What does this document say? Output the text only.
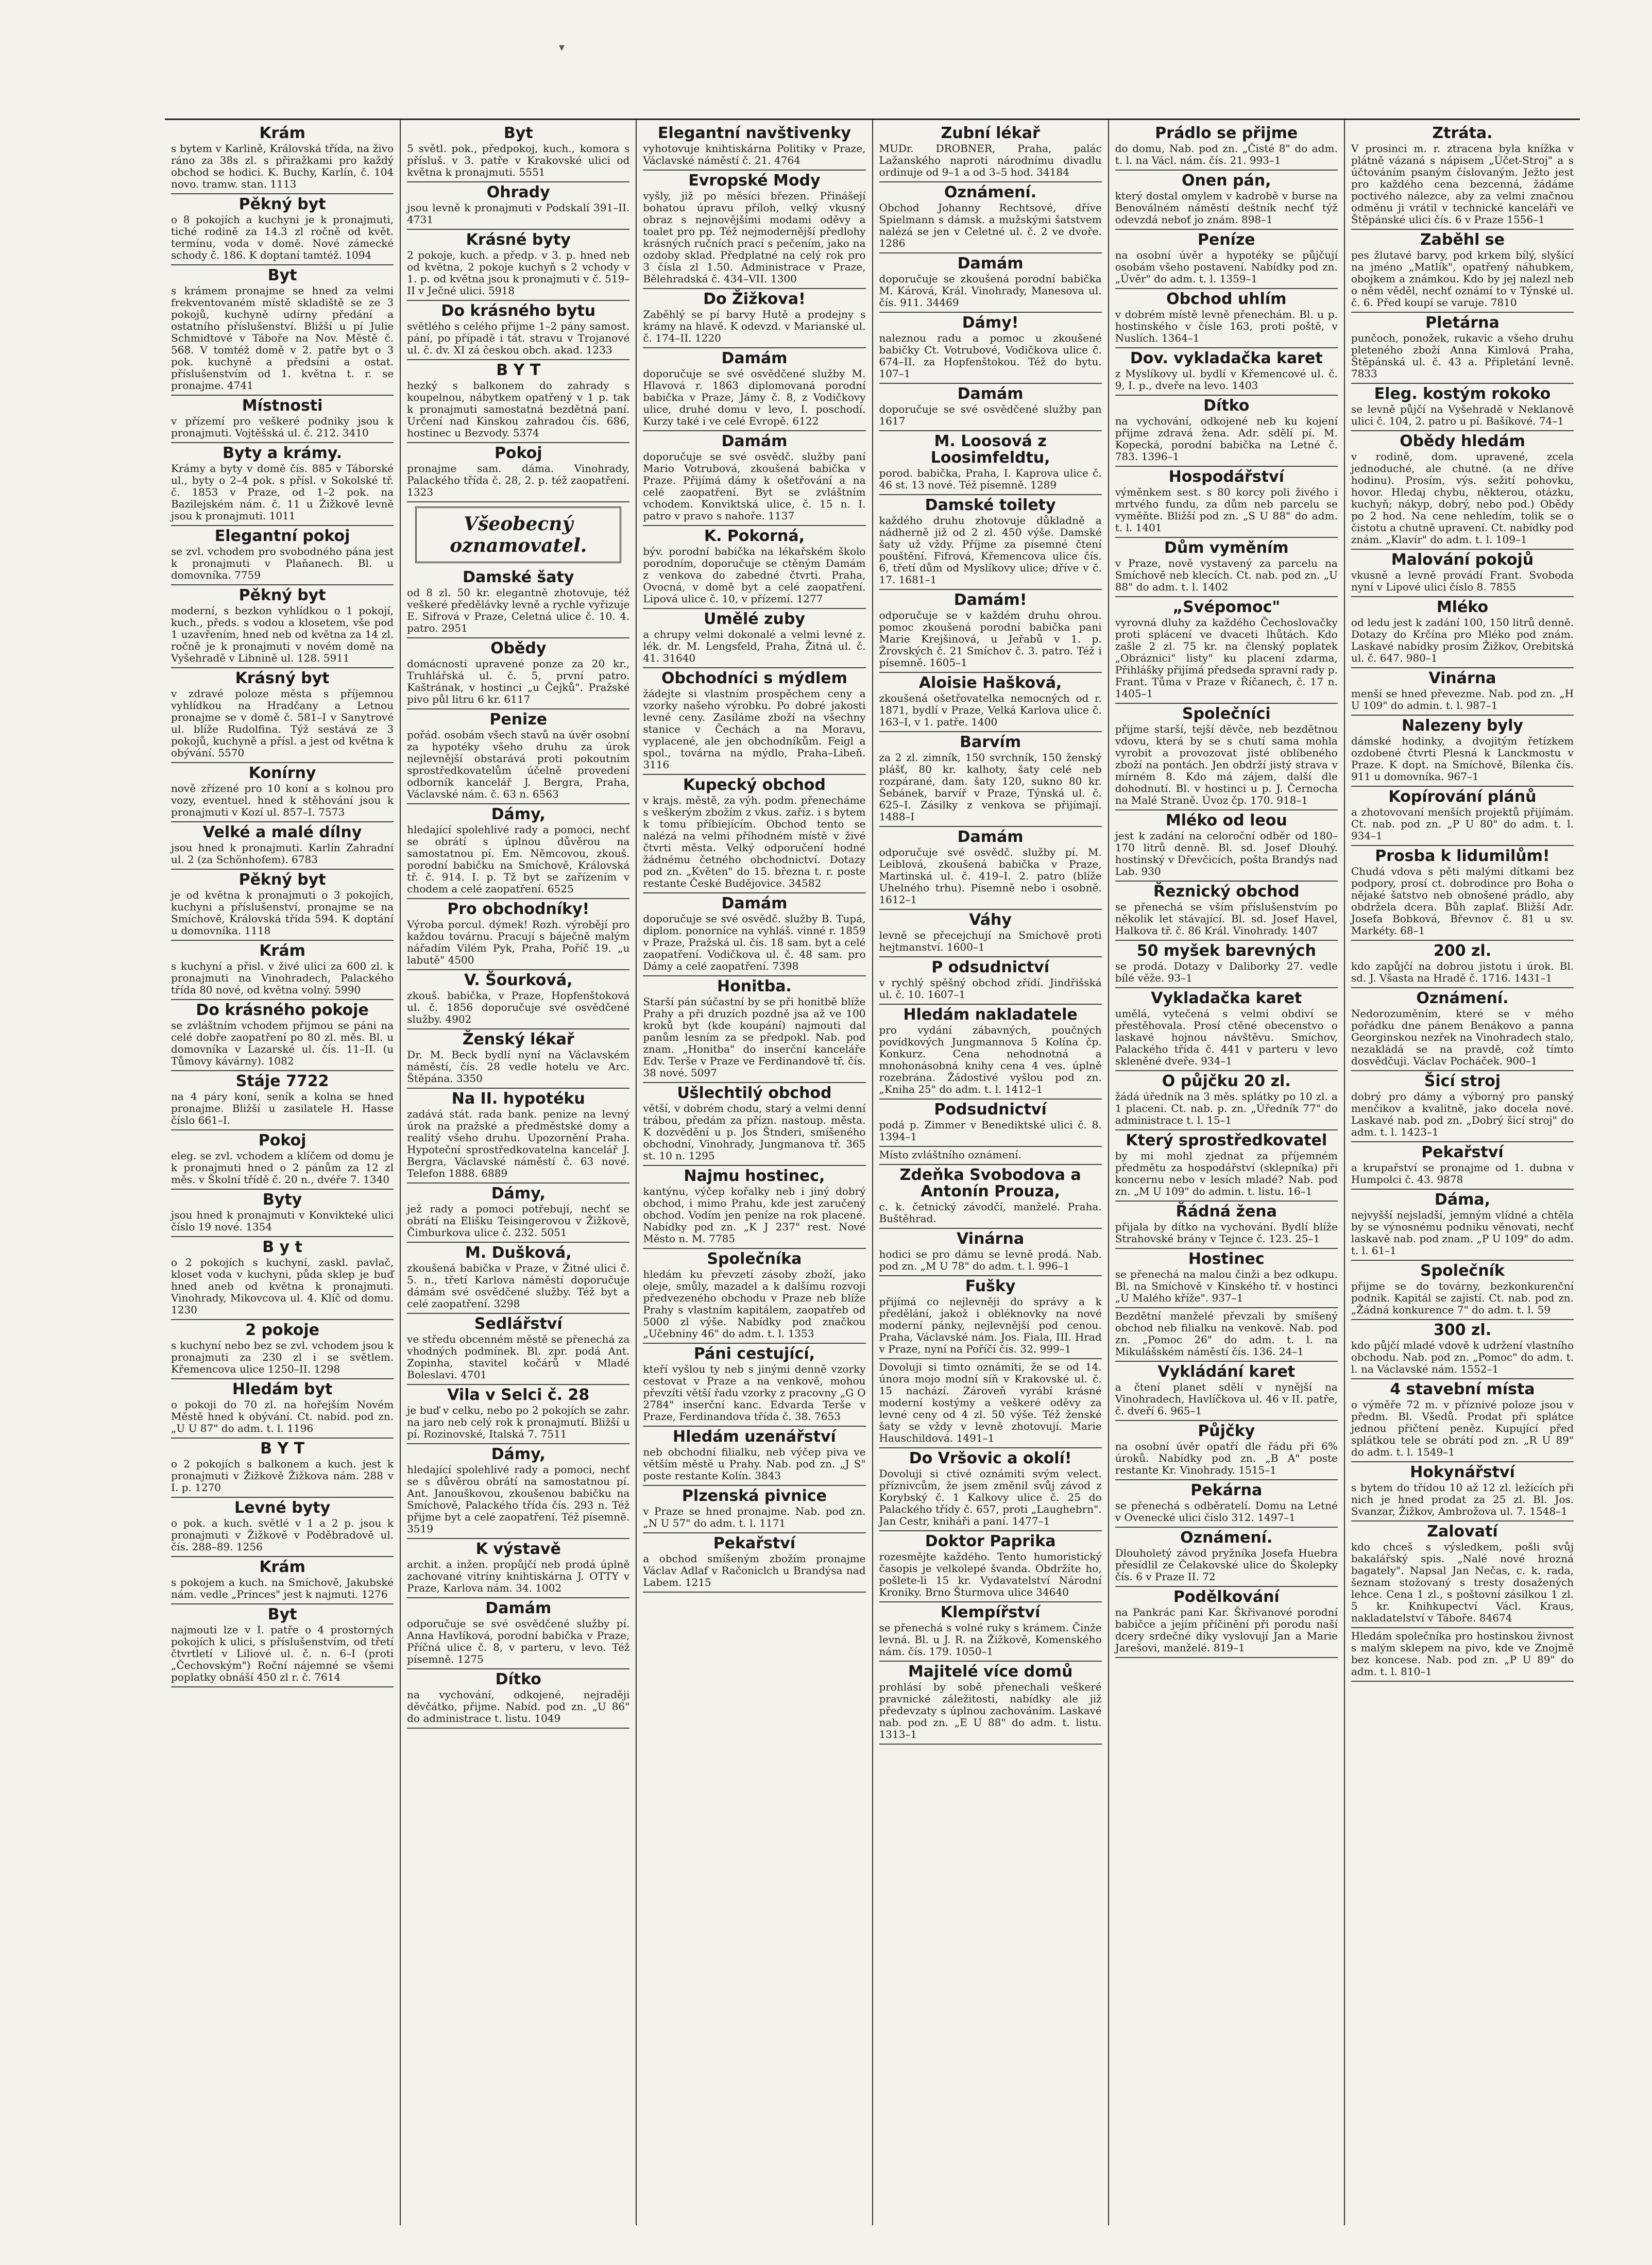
▾
Krám

s bytem v Karlině, Královská třída, na živo ráno za 38s zl. s přiražkami pro každý obchod se hodici. K. Buchy, Karlín, č. 104 novo. tramw. stan. 1113

Pěkný byt

o 8 pokojích a kuchyni je k pronajmuti, tiché rodině za 14.3 zl ročně od květ. termínu, voda v domě. Nové zámecké schody č. 186. K doptaní tamtéž. 1094

Byt

s krámem pronajme se hned za velmi frekventovaném místě skladiště se ze 3 pokojů, kuchyně udírny předání a ostatního příslušenství. Bližší u pí Julie Schmidtové v Táboře na Nov. Městě č. 568. V tomtéž domě v 2. patře byt o 3 pok. kuchyně a předsíni a ostat. příslušenstvím od 1. května t. r. se pronajme. 4741

Místnosti

v přízemí pro veškeré podniky jsou k pronajmuti. Vojtěšská ul. č. 212. 3410

Byty a krámy.

Krámy a byty v domě čís. 885 v Táborské ul., byty o 2–4 pok. s přísl. v Sokolské tř. č. 1853 v Praze, od 1–2 pok. na Bazilejském nám. č. 11 u Žižkově levně jsou k pronajmuti. 1011

Elegantní pokoj

se zvl. vchodem pro svobodného pána jest k pronajmuti v Plaňanech. Bl. u domovníka. 7759

Pěkný byt

moderní, s bezkon vyhlídkou o 1 pokojí, kuch., předs. s vodou a klosetem, vše pod 1 uzavřením, hned neb od května za 14 zl. ročně je k pronajmuti v novém domě na Vyšehradě v Libnině ul. 128. 5911

Krásný byt

v zdravé poloze města s příjemnou vyhlídkou na Hradčany a Letnou pronajme se v domě č. 581–I v Sanytrové ul. blíže Rudolfina. Týž sestává ze 3 pokojů, kuchyně a přísl. a jest od května k obývání. 5570

Konírny

nově zřízené pro 10 koní a s kolnou pro vozy, eventuel. hned k stěhování jsou k pronajmuti v Kozí ul. 857–I. 7573

Velké a malé dílny

jsou hned k pronajmuti. Karlín Zahradní ul. 2 (za Schönhofem). 6783

Pěkný byt

je od května k pronajmuti o 3 pokojích, kuchyni a příslušenství, pronajme se na Smíchově, Královská třída 594. K doptání u domovníka. 1118

Krám

s kuchyní a přisl. v živé ulici za 600 zl. k pronajmuti na Vinohradech, Palackého třída 80 nové, od května volný. 5990

Do krásného pokoje

se zvláštním vchodem přijmou se páni na celé dobře zaopatření po 80 zl. měs. Bl. u domovníka v Lazarské ul. čís. 11–II. (u Tůmovy kávárny). 1082

Stáje 7722

na 4 páry koní, seník a kolna se hned pronajme. Bližší u zasilatele H. Hasse číslo 661–I.

Pokoj

eleg. se zvl. vchodem a klíčem od domu je k pronajmuti hned o 2 pánům za 12 zl měs. v Školní třídě č. 20 n., dvéře 7. 1340

Byty

jsou hned k pronajmuti v Konvikteké ulici číslo 19 nové. 1354

B y t

o 2 pokojích s kuchyní, zaskl. pavlač, kloset voda v kuchyni, půda sklep je buď hned aneb od května k pronajmuti. Vinohrady, Mikovcova ul. 4. Klíč od domu. 1230

2 pokoje

s kuchyní nebo bez se zvl. vchodem jsou k pronajmuti za 230 zl i se světlem. Křemencova ulice 1250–II. 1298

Hledám byt

o pokoji do 70 zl. na hořejším Novém Městě hned k obývání. Ct. nabíd. pod zn. „U U 87" do adm. t. l. 1196

B Y T

o 2 pokojích s balkonem a kuch. jest k pronajmuti v Žižkově Žižkova nám. 288 v I. p. 1270

Levné byty

o pok. a kuch. světlé v 1 a 2 p. jsou k pronajmuti v Žižkově v Poděbradově ul. čís. 288–89. 1256

Krám

s pokojem a kuch. na Smíchově, Jakubské nám. vedle „Princes" jest k najmuti. 1276

Byt

najmouti lze v I. patře o 4 prostorných pokojích k ulici, s příslušenstvím, od třetí čtvrtletí v Liliové ul. č. n. 6–I (proti „Čechovským") Roční nájemné se všemi poplatky obnáší 450 zl r. č. 7614

Byt

5 světl. pok., předpokoj, kuch., komora s přísluš. v 3. patře v Krakovské ulici od května k pronajmuti. 5551

Ohrady

jsou levně k pronajmuti v Podskalí 391–II. 4731

Krásné byty

2 pokoje, kuch. a předp. v 3. p. hned neb od května, 2 pokoje kuchyň s 2 vchody v 1. p. od května jsou k pronajmuti v č. 519–II v Ječné ulici. 5918

Do krásného bytu

světlého s celého přijme 1–2 pány samost. pání, po případě i tát. stravu v Trojanové ul. č. dv. XI zá českou obch. akad. 1233

B Y T

hezký s balkonem do zahrady s koupelnou, nábytkem opatřený v 1 p. tak k pronajmuti samostatná bezdětná paní. Určení nad Kinskou zahradou čís. 686, hostinec u Bezvody. 5374

Pokoj

pronajme sam. dáma. Vinohrady, Palackého třída č. 28, 2. p. též zaopatření. 1323

Všeobecný oznamovatel.
Damské šaty

od 8 zl. 50 kr. elegantně zhotovuje, též veškeré předělávky levně a rychle vyřizuje E. Sifrová v Praze, Celetná ulice č. 10. 4. patro. 2951

Obědy

domácnosti upravené ponze za 20 kr., Truhlářská ul. č. 5, první patro. Kaštrának, v hostinci „u Čejků". Pražské pivo půl litru 6 kr. 6117

Penize

pořád. osobám všech stavů na úvěr osobní za hypotéky všeho druhu za úrok nejlevnější obstarává proti pokoutním sprostředkovatelům účelně provedení odborník kancelář J. Bergra, Praha, Václavské nám. č. 63 n. 6563

Dámy,

hledající spolehlivé rady a pomoci, nechť se obrátí s úplnou důvěrou na samostatnou pí. Em. Němcovou, zkouš. porodní babičku na Smíchově, Královská tř. č. 914. I. p. Tž byt se zařízením v chodem a celé zaopatření. 6525

Pro obchodníky!

Výroba porcul. dýmek! Rozh. výrobějí pro každou továrnu. Pracují s báječně malým nářadím Vilém Pyk, Praha, Poříč 19. „u labutě" 4500

V. Šourková,

zkouš. babička, v Praze, Hopfenštoková ul. č. 1856 doporučuje své osvědčené služby. 4902

Ženský lékař

Dr. M. Beck bydlí nyní na Václavském náměstí, čís. 28 vedle hotelu ve Arc. Štěpána. 3350

Na II. hypotéku

zadává stát. rada bank. penize na levný úrok na pražské a předměstské domy a realitý všeho druhu. Upozornění Praha. Hypoteční sprostředkovatelna kancelář J. Bergra, Václavské náměstí č. 63 nové. Telefon 1888. 6889

Dámy,

jež rady a pomoci potřebují, nechť se obrátí na Elišku Teisingerovou v Žižkově, Čimburkova ulice č. 232. 5051

M. Dušková,

zkoušená babička v Praze, v Žitné ulici č. 5. n., třetí Karlova náměstí doporučuje dámám své osvědčené služby. Též byt a celé zaopatření. 3298

Sedlářství

ve středu obcenném městě se přenechá za vhodných podmínek. Bl. zpr. podá Ant. Zopinha, stavitel kočárů v Mladé Boleslavi. 4701

Vila v Selci č. 28

je buď v celku, nebo po 2 pokojích se zahr. na jaro neb celý rok k pronajmutí. Bližší u pí. Rozinovské, Italská 7. 7511

Dámy,

hledající spolehlivé rady a pomoci, nechť se s důvěrou obrátí na samostatnou pí. Ant. Janouškovou, zkoušenou babičku na Smíchově, Palackého třída čís. 293 n. Též přijme byt a celé zaopatření. Též písemně. 3519

K výstavě

archit. a inžen. propůjčí neb prodá úplně zachované vitríny knihtiskárna J. OTTY v Praze, Karlova nám. 34. 1002

Damám

odporučuje se své osvědčené služby pí. Anna Havlíková, porodní babička v Praze, Příčná ulice č. 8, v parteru, v levo. Též písemně. 1275

Dítko

na vychování, odkojené, nejraději děvčátko, přijme. Nabíd. pod zn. „U 86" do administrace t. listu. 1049

Elegantní navštivenky

vyhotovuje knihtiskárna Politiky v Praze, Václavské náměstí č. 21. 4764

Evropské Mody

vyšly, již po měsíci březen. Přinášejí bohatou úpravu příloh, velký vkusný obraz s nejnovějšími modami oděvy a toalet pro pp. Též nejmodernější předlohy krásných ručních prací s pečením, jako na ozdoby sklad. Předplatné na celý rok pro 3 čísla zl 1.50. Administrace v Praze, Bělehradská č. 434–VII. 1300

Do Žižkova!

Zaběhlý se pí barvy Hutě a prodejny s krámy na hlavě. K odevzd. v Marianské ul. č. 174–II. 1220

Damám

doporučuje se své osvědčené služby M. Hlavová r. 1863 diplomovaná porodní babička v Praze, Jámy č. 8, z Vodičkovy ulice, druhé domu v levo, I. poschodí. Kurzy také i ve celé Evropě. 6122

Damám

doporučuje se své osvědč. služby paní Mario Votrubová, zkoušená babička v Praze. Přijímá dámy k ošetřování a na celé zaopatření. Byt se zvláštním vchodem. Konviktská ulice, č. 15 n. I. patro v pravo s nahoře. 1137

K. Pokorná,

býv. porodní babička na lékařském školo porodním, doporučuje se ctěným Damám z venkova do zabedné čtvrti. Praha, Ovocná, v domě byt a celé zaopatření. Lipová ulice č. 10, v přízemí. 1277

Umělé zuby

a chrupy velmi dokonalé a velmi levné z. lék. dr. M. Lengsfeld, Praha, Žitná ul. č. 41. 31640

Obchodníci s mýdlem

žádejte si vlastním prospěchem ceny a vzorky našeho výrobku. Po dobré jakosti levné ceny. Zasíláme zboží na všechny stanice v Čechách a na Moravu, vyplacené, ale jen obchodníkům. Feigl a spol., továrna na mýdlo, Praha–Libeň. 3116

Kupecký obchod

v krajs. městě, za výh. podm. přenecháme s veškerým zbožím z vkus. zaříz. i s bytem k tomu příbiejícím. Obchod tento se nalézá na velmi příhodném místě v živé čtvrti města. Velký odporučení hodné žádnému četného obchodnictví. Dotazy pod zn. „Květen" do 15. března t. r. poste restante České Budějovice. 34582

Damám

doporučuje se své osvědč. služby B. Tupá, diplom. ponorníce na vyhláš. vinné r. 1859 v Praze, Pražská ul. čís. 18 sam. byt a celé zaopatření. Vodičkova ul. č. 48 sam. pro Dámy a celé zaopatření. 7398

Honitba.

Starší pán súčastní by se při honitbě blíže Prahy a při druzích pozdně jsa až ve 100 kroků byt (kde koupání) najmouti dal panům lesním za se předpokl. Nab. pod znam. „Honitba" do inserční kanceláře Edv. Terše v Praze ve Ferdinandově tř. čís. 38 nové. 5097

Ušlechtilý obchod

větší, v dobrém chodu, starý a velmi denní trábou, předám za přízn. nastoup. města. K dozvědění u p. Jos Štnderi, smíšeného obchodní, Vinohrady, Jungmanova tř. 365 st. 10 n. 1295

Najmu hostinec,

kantýnu, výčep kořalky neb i jiný dobrý obchod, i mimo Prahu, kde jest zaručený obchod. Vodím jen peníze na rok placené. Nabídky pod zn. „K J 237" rest. Nové Město n. M. 7785

Společníka

hledám ku převzetí zásoby zboží, jako oleje, smůly, mazadel a k dalšímu rozvoji předvezeného obchodu v Praze neb blíže Prahy s vlastním kapitálem, zaopatřeb od 5000 zl výše. Nabídky pod značkou „Učebniny 46" do adm. t. l. 1353

Páni cestující,

kteří vyšlou ty neb s jinými denně vzorky cestovat v Praze a na venkově, mohou převzíti větší řadu vzorky z pracovny „G O 2784" inserční kanc. Edvarda Terše v Praze, Ferdinandova třída č. 38. 7653

Hledám uzenářství

neb obchodní filialku, neb výčep piva ve větším městě u Prahy. Nab. pod zn. „J S" poste restante Kolín. 3843

Plzenská pivnice

v Praze se hned pronajme. Nab. pod zn. „N U 57" do adm. t. l. 1171

Pekařství

a obchod smíšeným zbožím pronajme Václav Adlaf v Račoniclch u Brandýsa nad Labem. 1215

Zubní lékař

MUDr. DROBNER, Praha, palác Lažanského naproti národnímu divadlu ordinuje od 9–1 a od 3–5 hod. 34184

Oznámení.

Obchod Johanny Rechtsové, dříve Spielmann s dámsk. a mužskými šatstvem nalézá se jen v Celetné ul. č. 2 ve dvoře. 1286

Damám

doporučuje se zkoušená porodní babička M. Kárová, Král. Vinohrady, Manesova ul. čís. 911. 34469

Dámy!

naleznou radu a pomoc u zkoušené babičky Ct. Votrubové, Vodičkova ulice č. 674–II. za Hopfenštokou. Též do bytu. 107–1

Damám

doporučuje se své osvědčené služby pan 1617

M. Loosová z Loosimfeldtu,

porod. babička, Praha, I. Kaprova ulice č. 46 st. 13 nové. Též písemně. 1289

Damské toilety

každého druhu zhotovuje důkladně a nádherně již od 2 zl. 450 výše. Damské šaty už vždy. Příjme za písemné čtení pouštění. Fifrová, Křemencova ulice čís. 6, třetí dům od Myslíkovy ulice; dříve v č. 17. 1681–1

Damám!

odporučuje se v každém druhu ohrou. pomoc zkoušená porodní babička pani Marie Krejšinová, u Jeřabů v 1. p. Žrovských č. 21 Smíchov č. 3. patro. Též i písemně. 1605–1

Aloisie Hašková,

zkoušená ošetřovatelka nemocných od r. 1871, bydlí v Praze, Velká Karlova ulice č. 163–I, v 1. patře. 1400

Barvím

za 2 zl. zimník, 150 svrchník, 150 ženský plášť, 80 kr. kalhoty, šaty celé neb rozpárané, dam. šaty 120, sukno 80 kr. Šebánek, barvíř v Praze, Týnská ul. č. 625–I. Zásilky z venkova se přijímají. 1488–I

Damám

odporučuje své osvědč. služby pí. M. Leiblová, zkoušená babička v Praze, Martinská ul. č. 419–I. 2. patro (blíže Uhelného trhu). Písemně nebo i osobně. 1612–1

Váhy

levně se přecejchují na Smíchově proti hejtmanství. 1600–1

P odsudnictví

v rychlý spěšný obchod zřídí. Jindřišská ul. č. 10. 1607–1

Hledám nakladatele

pro vydání zábavných, poučných povídkových Jungmannova 5 Kolína čp. Konkurz. Cena nehodnotná a mnohonásobná knihy cena 4 ves. úplně rozebrána. Žádostivé vyšlou pod zn. „Kniha 25" do adm. t. l. 1412–1

Podsudnictví

podá p. Zimmer v Benediktské ulici č. 8. 1394–1

Místo zvláštního oznámení.

Zdeňka Svobodova a Antonín Prouza,

c. k. četnický závodčí, manželé. Praha. Buštěhrad.

Vinárna

hodici se pro dámu se levně prodá. Nab. pod zn. „M U 78" do adm. t. l. 996–1

Fušky

přijímá co nejlevněji do správy a k předělání, jakož i obléknovky na nové moderní pánky, nejlevnější pod cenou. Praha, Václavské nám. Jos. Fiala, III. Hrad v Praze, nyní na Poříčí čís. 32. 999–1

Dovoluji si timto oznámiti, že se od 14. února mojo modní síň v Krakovské ul. č. 15 nachází. Zároveň vyrábí krásné moderní kostýmy a veškeré oděvy za levné ceny od 4 zl. 50 výše. Též ženské šaty se vždy v levně zhotovují. Marie Hauschildová. 1491–1

Do Vršovic a okolí!

Dovoluji si ctivé oznámiti svým velect. příznivcům, že jsem změnil svůj závod z Korybský č. 1 Kalkovy ulice č. 25 do Palackého třídy č. 657, proti „Laughebrn". Jan Cestr, kniháři a paní. 1477–1

Doktor Paprika

rozesmějte každého. Tento humoristický časopis je velkolepé švanda. Obdržíte ho, pošlete-li 15 kr. Vydavatelství Národní Kroniky. Brno Šturmova ulice 34640

Klempířství

se přenechá s volné ruky s krámem. Činže levná. Bl. u J. R. na Žižkově, Komenského nám. čís. 179. 1050–1

Majitelé více domů

prohlásí by sobě přenechali veškeré pravnické záležitosti, nabídky ale již předevzaty s úplnou zachováním. Laskavé nab. pod zn. „E U 88" do adm. t. listu. 1313–1

Prádlo se přijme

do domu, Nab. pod zn. „Čisté 8" do adm. t. l. na Václ. nám. čís. 21. 993–1

Onen pán,

který dostal omylem v kadrobě v burse na Benoválném náměstí deštník nechť týž odevzdá neboť jo znám. 898–1

Peníze

na osobní úvěr a hypotéky se půjčují osobám všeho postavení. Nabídky pod zn. „Úvěr" do adm. t. l. 1359–1

Obchod uhlím

v dobrém místě levně přenechám. Bl. u p. hostinského v čísle 163, proti poště, v Nuslích. 1364–1

Dov. vykladačka karet

z Myslíkovy ul. bydlí v Křemencové ul. č. 9, I. p., dveře na levo. 1403

Dítko

na vychování, odkojené neb ku kojení přijme zdravá žena. Adr. sdělí pí. M. Kopecká, porodní babička na Letné č. 783. 1396–1

Hospodářství

výměnkem sest. s 80 korcy poli živého i mrtvého fundu, za dům neb parcelu se vyměňte. Bližší pod zn. „S U 88" do adm. t. l. 1401

Dům vyměním

v Praze, nově vystavený za parcelu na Smíchově neb klecích. Ct. nab. pod zn. „U 88" do adm. t. l. 1402

„Svépomoc"

vyrovná dluhy za každého Čechoslovačky proti splácení ve dvaceti lhůtách. Kdo zašle 2 zl. 75 kr. na členský poplatek „Obráznici" listy" ku placení zdarma, Přihlášky přijímá předseda spravní rady p. Frant. Tůma v Praze v Říčanech, č. 17 n. 1405–1

Společníci

přijme starší, tejší děvče, neb bezdětnou vdovu, která by se s chutí sama mohla vyrobit a provozovat jisté oblíbeného zboží na pontách. Jen obdrží jistý strava v mírném 8. Kdo má zájem, další dle dohodnutí. Bl. v hostinci u p. J. Černocha na Malé Straně. Úvoz čp. 170. 918–1

Mléko od leou

jest k zadání na celoroční odběr od 180–170 litrů denně. Bl. sd. Josef Dlouhý. hostinský v Dřevčicích, pošta Brandýs nad Lab. 930

Řeznický obchod

se přenechá se vším příslušenstvím po několik let stávající. Bl. sd. Josef Havel, Halkova tř. č. 86 Král. Vinohrady. 1407

50 myšek barevných

se prodá. Dotazy v Daliborky 27. vedle bílé věže. 93–1

Vykladačka karet

umělá, vytečená s velmi obdiví se přestěhovala. Prosí ctěné obecenstvo o laskavé hojnou návštěvu. Smíchov, Palackého třída č. 441 v parteru v levo skleněné dveře. 934–1

O půjčku 20 zl.

žádá úředník na 3 měs. splátky po 10 zl. a 1 placeni. Ct. nab. p. zn. „Úředník 77" do administrace t. l. 15–1

Který sprostředkovatel

by mi mohl zjednat za příjemném předmětu za hospodářství (sklepníka) při koncernu nebo v lesích mladé? Nab. pod zn. „M U 109" do admin. t. listu. 16–1

Řádná žena

přijala by dítko na vychování. Bydlí blíže Strahovské brány v Tejnce č. 123. 25–1

Hostinec

se přenechá na malou činži a bez odkupu. Bl. na Smíchově v Kinského tř. v hostinci „U Malého kříže". 937–1

Bezdětní manželé převzali by smíšený obchod neb filialku na venkově. Nab. pod zn. „Pomoc 26" do adm. t. l. na Mikulášském náměstí čís. 136. 24–1

Vykládání karet

a čtení planet sdělí v nynější na Vinohradech, Havlíčkova ul. 46 v II. patře, č. dveří 6. 965–1

Půjčky

na osobní úvěr opatří dle řádu při 6% úroků. Nabídky pod zn. „B A" poste restante Kr. Vinohrady. 1515–1

Pekárna

se přenechá s odběratelí. Domu na Letné v Ovenecké ulici číslo 312. 1497–1

Oznámení.

Dlouholetý závod pryžníka Josefa Huebra přesídlil ze Čelakovské ulice do Školepky čís. 6 v Praze II. 72

Podělkování

na Pankrác pani Kar. Škřivanové porodní babičce a jejím příčinění při porodu naší dcery srdečné díky vyslovují Jan a Marie Jarešovi, manželé. 819–1

Ztráta.

V prosinci m. r. ztracena byla knížka v plátně vázaná s nápisem „Účet-Stroj" a s účtováním psaným číslovaným. Ježto jest pro každého cena bezcenná, žádáme poctivého nálezce, aby za velmi značnou odměnu ji vrátil v technické kanceláři ve Štěpánské ulici čís. 6 v Praze 1556–1

Zaběhl se

pes žlutavé barvy, pod krkem bílý, slyšící na jméno „Matlík", opatřený náhubkem, obojkem a známkou. Kdo by jej nalezl neb o něm věděl, nechť oznámí to v Týnské ul. č. 6. Před koupí se varuje. 7810

Pletárna

punčoch, ponožek, rukavic a všeho druhu pleteného zboží Anna Kimlová Praha, Štěpánská ul. č. 43 a. Připletání levně. 7833

Eleg. kostým rokoko

se levně půjčí na Vyšehradě v Neklanově ulici č. 104, 2. patro u pí. Bašíkové. 74–1

Obědy hledám

v rodině, dom. upravené, zcela jednoduché, ale chutné. (a ne dříve hodinu). Prosím, výs. sežití pohovku, hovor. Hledaj chybu, některou, otázku, kuchyň; nákyp, dobrý, nebo pod.) Obědy po 2 hod. Na cene nehledím, tolik se o čistotu a chutně upravení. Ct. nabídky pod znám. „Klavír" do adm. t. l. 109–1

Malování pokojů

vkusně a levně provádí Frant. Svoboda nyní v Lipové ulici číslo 8. 7855

Mléko

od ledu jest k zadání 100, 150 litrů denně. Dotazy do Krčína pro Mléko pod znám. Laskavé nabídky prosím Žižkov, Orebitská ul. č. 647. 980–1

Vinárna

menší se hned převezme. Nab. pod zn. „H U 109" do admin. t. l. 987–1

Nalezeny byly

dámské hodinky, a dvojitým řetízkem ozdobené čtvrti Plesná k Lanckmostu v Praze. K dopt. na Smíchově, Bílenka čís. 911 u domovníka. 967–1

Kopírování plánů

a zhotovovaní menších projektů přijímám. Ct. nab. pod zn. „P U 80" do adm. t. l. 934–1

Prosba k lidumilům!

Chudá vdova s pěti malými dítkami bez podpory, prosí ct. dobrodince pro Boha o nějaké šatstvo neb obnošené prádlo, aby obdržela dcera. Bůh zaplať. Bližší Adr. Josefa Bobková, Břevnov č. 81 u sv. Markéty. 68–1

200 zl.

kdo zapůjčí na dobrou jistotu i úrok. Bl. sd. J. Všasta na Hradě č. 1716. 1431–1

Oznámení.

Nedorozuměním, které se v mého pořádku dne pánem Benákovo a panna Georginskou nezřek na Vinohradech stalo, nezakládá se na pravdě, což tímto dosvědčuji. Václav Pocháček. 900–1

Šicí stroj

dobrý pro dámy a výborný pro panský menčikov a kvalitně, jako docela nové. Laskavé nab. pod zn. „Dobrý šicí stroj" do adm. t. l. 1423–1

Pekařství

a krupařství se pronajme od 1. dubna v Humpolci č. 43. 9878

Dáma,

nejvyšší nejsladší, jemným vlídné a chtěla by se výnosnému podniku věnovati, nechť laskavě nab. pod znam. „P U 109" do adm. t. l. 61–1

Společník

přijme se do továrny, bezkonkurenční podnik. Kapitál se zajistí. Ct. nab. pod zn. „Žádná konkurence 7" do adm. t. l. 59

300 zl.

kdo půjčí mladé vdově k udržení vlastního obchodu. Nab. pod zn. „Pomoc" do adm. t. l. na Václavské nám. 1552–1

4 stavební místa

o výměře 72 m. v příznivé poloze jsou v předm. Bl. Všedů. Prodat při splátce jednou přičtení peněz. Kupující před splátkou tele se obrátí pod zn. „R U 89" do adm. t. l. 1549–1

Hokynářství

s bytem do třídou 10 až 12 zl. ležících při nich je hned prodat za 25 zl. Bl. Jos. Svanzar, Žižkov, Ambrožova ul. 7. 1548–1

Zalovatí

kdo chceš s výsledkem, pošli svůj bakalářský spis. „Nalé nové hrozná bagately". Napsal Jan Nečas, c. k. rada, šeznam stožovaný s tresty dosažených lehce. Cena 1 zl., s poštovní zásilkou 1 zl. 5 kr. Knihkupectví Václ. Kraus, nakladatelství v Táboře. 84674

Hledám společníka pro hostinskou živnost s malým sklepem na pivo, kde ve Znojmě bez koncese. Nab. pod zn. „P U 89" do adm. t. l. 810–1
